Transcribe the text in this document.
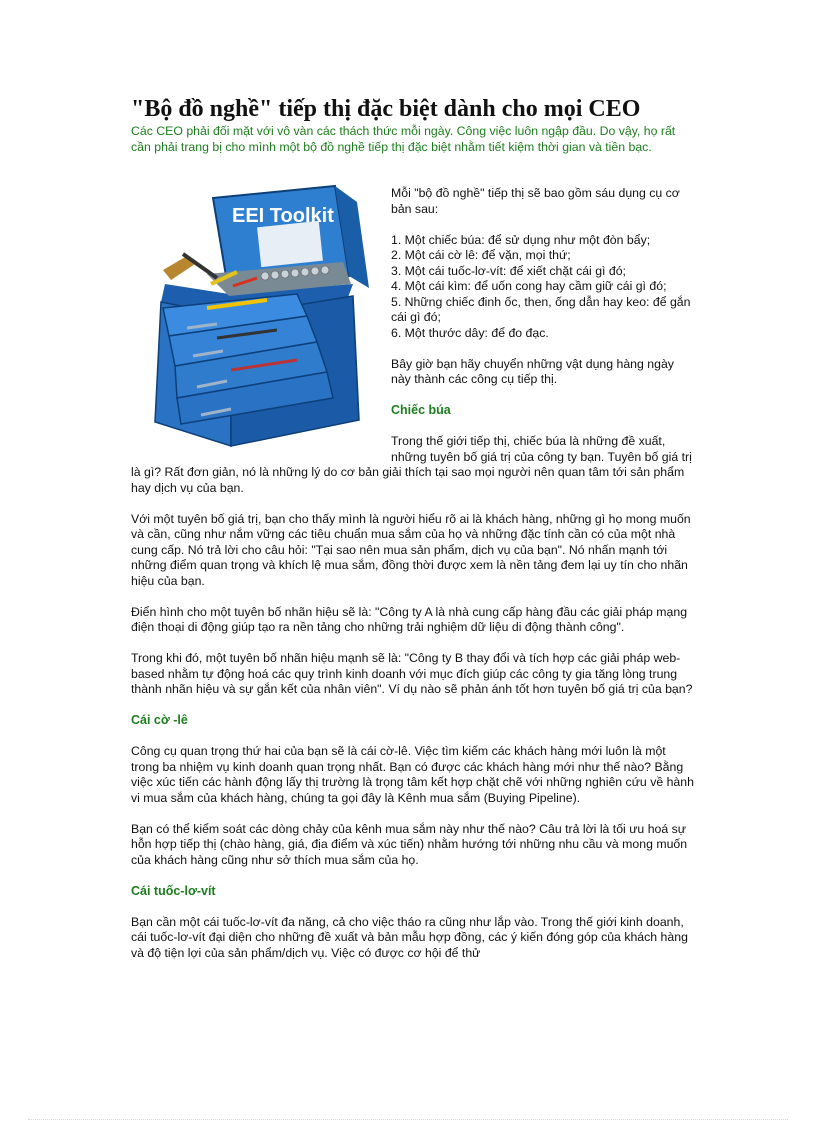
"Bộ đồ nghề" tiếp thị đặc biệt dành cho mọi CEO

Các CEO phải đối mặt với vô vàn các thách thức mỗi ngày. Công việc luôn ngập đầu. Do vậy, họ rất cần phải trang bị cho mình một bộ đồ nghề tiếp thị đặc biệt nhằm tiết kiệm thời gian và tiền bạc.

EEI Toolkit

Mỗi "bộ đồ nghề" tiếp thị sẽ bao gồm sáu dụng cụ cơ bản sau:

1. Một chiếc búa: để sử dụng như một đòn bẩy;

2. Một cái cờ lê: để vặn, mọi thứ;

3. Một cái tuốc-lơ-vít: để xiết chặt cái gì đó;

4. Một cái kìm: để uốn cong hay cầm giữ cái gì đó;

5. Những chiếc đinh ốc, then, ống dẫn hay keo: để gắn cái gì đó;

6. Một thước dây: để đo đạc.

Bây giờ bạn hãy chuyển những vật dụng hàng ngày này thành các công cụ tiếp thị.

Chiếc búa

Trong thế giới tiếp thị, chiếc búa là những đề xuất, những tuyên bố giá trị của công ty bạn. Tuyên bố giá trị là gì? Rất đơn giản, nó là những lý do cơ bản giải thích tại sao mọi người nên quan tâm tới sản phẩm hay dịch vụ của bạn.

Với một tuyên bố giá trị, bạn cho thấy mình là người hiểu rõ ai là khách hàng, những gì họ mong muốn và cần, cũng như nắm vững các tiêu chuẩn mua sắm của họ và những đặc tính cần có của một nhà cung cấp. Nó trả lời cho câu hỏi: "Tại sao nên mua sản phẩm, dịch vụ của bạn". Nó nhấn mạnh tới những điểm quan trọng và khích lệ mua sắm, đồng thời được xem là nền tảng đem lại uy tín cho nhãn hiệu của bạn.

Điển hình cho một tuyên bố nhãn hiệu sẽ là: "Công ty A là nhà cung cấp hàng đầu các giải pháp mạng điện thoại di động giúp tạo ra nền tảng cho những trải nghiệm dữ liệu di động thành công".

Trong khi đó, một tuyên bố nhãn hiệu mạnh sẽ là: "Công ty B thay đổi và tích hợp các giải pháp web-based nhằm tự động hoá các quy trình kinh doanh với mục đích giúp các công ty gia tăng lòng trung thành nhãn hiệu và sự gắn kết của nhân viên". Ví dụ nào sẽ phản ánh tốt hơn tuyên bố giá trị của bạn?

Cái cờ -lê

Công cụ quan trọng thứ hai của bạn sẽ là cái cờ-lê. Việc tìm kiếm các khách hàng mới luôn là một trong ba nhiệm vụ kinh doanh quan trọng nhất. Bạn có được các khách hàng mới như thế nào? Bằng việc xúc tiến các hành động lấy thị trường là trọng tâm kết hợp chặt chẽ với những nghiên cứu về hành vi mua sắm của khách hàng, chúng ta gọi đây là Kênh mua sắm (Buying Pipeline).

Bạn có thể kiểm soát các dòng chảy của kênh mua sắm này như thế nào? Câu trả lời là tối ưu hoá sự hỗn hợp tiếp thị (chào hàng, giá, địa điểm và xúc tiến) nhằm hướng tới những nhu cầu và mong muốn của khách hàng cũng như sở thích mua sắm của họ.

Cái tuốc-lơ-vít

Bạn cần một cái tuốc-lơ-vít đa năng, cả cho việc tháo ra cũng như lắp vào. Trong thế giới kinh doanh, cái tuốc-lơ-vít đại diện cho những đề xuất và bản mẫu hợp đồng, các ý kiến đóng góp của khách hàng và độ tiện lợi của sản phẩm/dịch vụ. Việc có được cơ hội để thử
